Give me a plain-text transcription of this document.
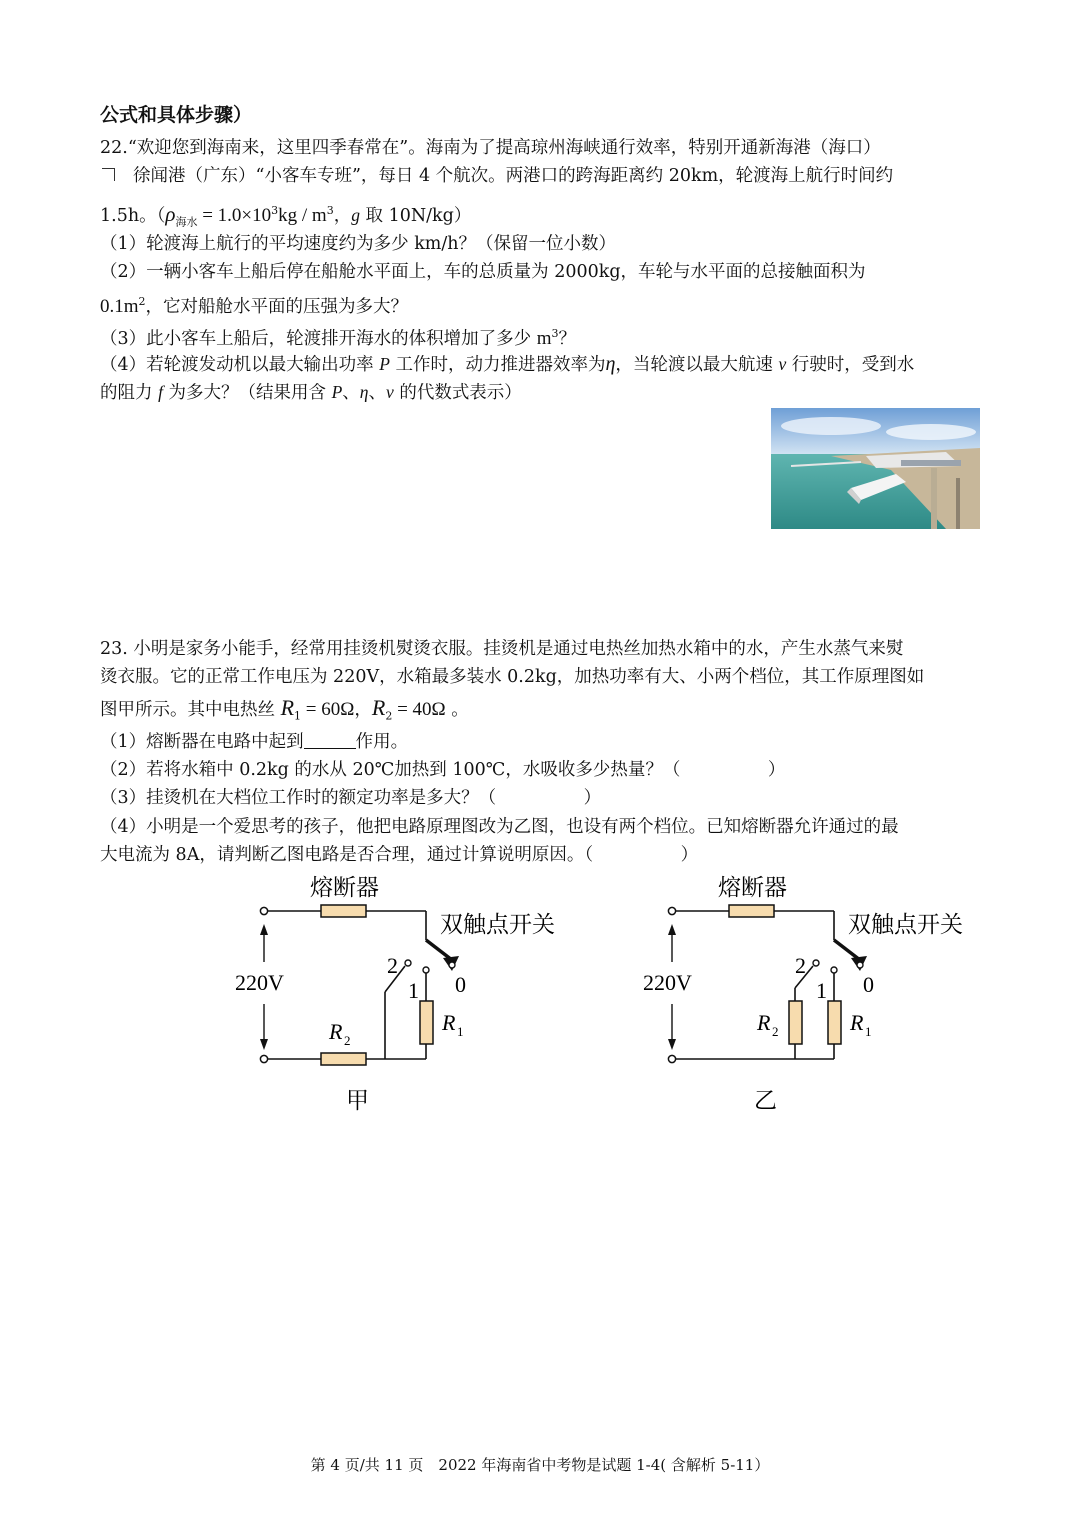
公式和具体步骤）
22.“欢迎您到海南来，这里四季春常在”。海南为了提高琼州海峡通行效率，特别开通新海港（海口）
徐闻港（广东）“小客车专班”，每日 4 个航次。两港口的跨海距离约 20km，轮渡海上航行时间约
1.5h。（$\rho_{海水} = 1.0\times 10^3kg / m^3$，g 取 10N/kg）
（1）轮渡海上航行的平均速度约为多少 km/h？（保留一位小数）
（2）一辆小客车上船后停在船舱水平面上，车的总质量为 2000kg，车轮与水平面的总接触面积为
$0.1m^2$，它对船舱水平面的压强为多大？
（3）此小客车上船后，轮渡排开海水的体积增加了多少 $m^3$？
（4）若轮渡发动机以最大输出功率 P 工作时，动力推进器效率为η，当轮渡以最大航速 v 行驶时，受到水
的阻力 f 为多大？（结果用含 P、η、v 的代数式表示）
23. 小明是家务小能手，经常用挂烫机熨烫衣服。挂烫机是通过电热丝加热水箱中的水，产生水蒸气来熨
烫衣服。它的正常工作电压为 220V，水箱最多装水 0.2kg，加热功率有大、小两个档位，其工作原理图如
图甲所示。其中电热丝 $R_1 = 60\Omega$，$R_2 = 40\Omega$ 。
（1）熔断器在电路中起到	作用。
（2）若将水箱中 0.2kg 的水从 20℃加热到 100℃，水吸收多少热量？（　　　　　）
（3）挂烫机在大档位工作时的额定功率是多大？（　　　　　）
（4）小明是一个爱思考的孩子，他把电路原理图改为乙图，也设有两个档位。已知熔断器允许通过的最
大电流为 8A，请判断乙图电路是否合理，通过计算说明原因。（　　　　　）
熔断器
双触点开关
2
1 0
220V
R 2
R 1
甲
熔断器
双触点开关
2
1 0
220V
R 2	R 1
乙
第 4 页/共 11 页　2022 年海南省中考物是试题 1-4( 含解析 5-11）
